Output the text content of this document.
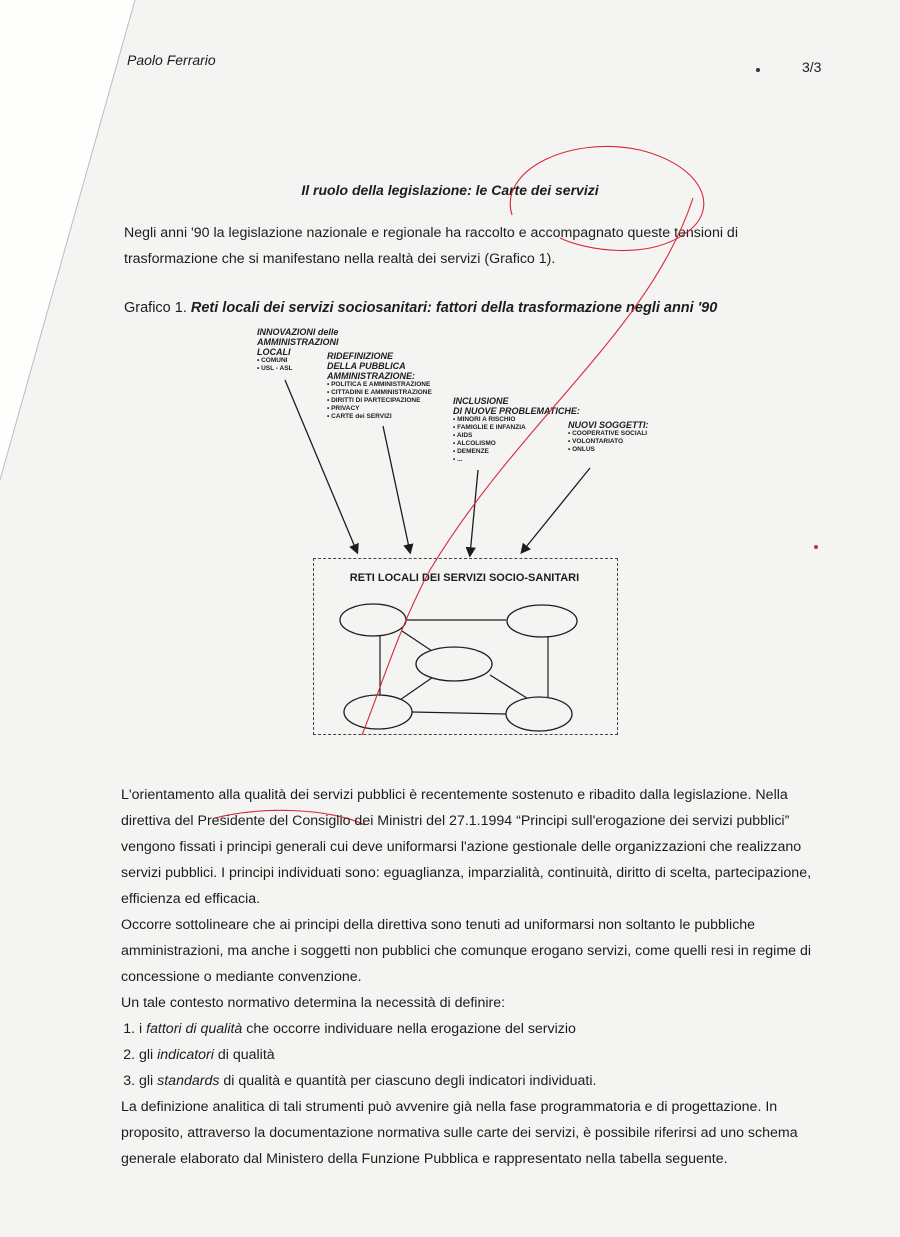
Paolo Ferrario	3/3
Il ruolo della legislazione: le Carte dei servizi
Negli anni '90 la legislazione nazionale e regionale ha raccolto e accompagnato queste tensioni di
trasformazione che si manifestano nella realtà dei servizi (Grafico 1).
Grafico 1. Reti locali dei servizi sociosanitari: fattori della trasformazione negli anni '90
INNOVAZIONI delle
AMMINISTRAZIONI
LOCALI
• COMUNI
• USL - ASL
RIDEFINIZIONE
DELLA PUBBLICA
AMMINISTRAZIONE:
• POLITICA E AMMINISTRAZIONE
• CITTADINI E AMMINISTRAZIONE
• DIRITTI DI PARTECIPAZIONE
• PRIVACY
• CARTE dei SERVIZI
INCLUSIONE
DI NUOVE PROBLEMATICHE:
• MINORI A RISCHIO
• FAMIGLIE E INFANZIA
• AIDS
• ALCOLISMO
• DEMENZE
• ...
NUOVI SOGGETTI:
• COOPERATIVE SOCIALI
• VOLONTARIATO
• ONLUS
RETI LOCALI DEI SERVIZI SOCIO-SANITARI

L'orientamento alla qualità dei servizi pubblici è recentemente sostenuto e ribadito dalla legislazione. Nella direttiva del Presidente del Consiglio dei Ministri del 27.1.1994 “Principi sull'erogazione dei servizi pubblici” vengono fissati i principi generali cui deve uniformarsi l'azione gestionale delle organizzazioni che realizzano servizi pubblici. I principi individuati sono: eguaglianza, imparzialità, continuità, diritto di scelta, partecipazione, efficienza ed efficacia.

Occorre sottolineare che ai principi della direttiva sono tenuti ad uniformarsi non soltanto le pubbliche amministrazioni, ma anche i soggetti non pubblici che comunque erogano servizi, come quelli resi in regime di concessione o mediante convenzione.

Un tale contesto normativo determina la necessità di definire:

1. i fattori di qualità che occorre individuare nella erogazione del servizio
2. gli indicatori di qualità
3. gli standards di qualità e quantità per ciascuno degli indicatori individuati.

La definizione analitica di tali strumenti può avvenire già nella fase programmatoria e di progettazione. In proposito, attraverso la documentazione normativa sulle carte dei servizi, è possibile riferirsi ad uno schema generale elaborato dal Ministero della Funzione Pubblica e rappresentato nella tabella seguente.
